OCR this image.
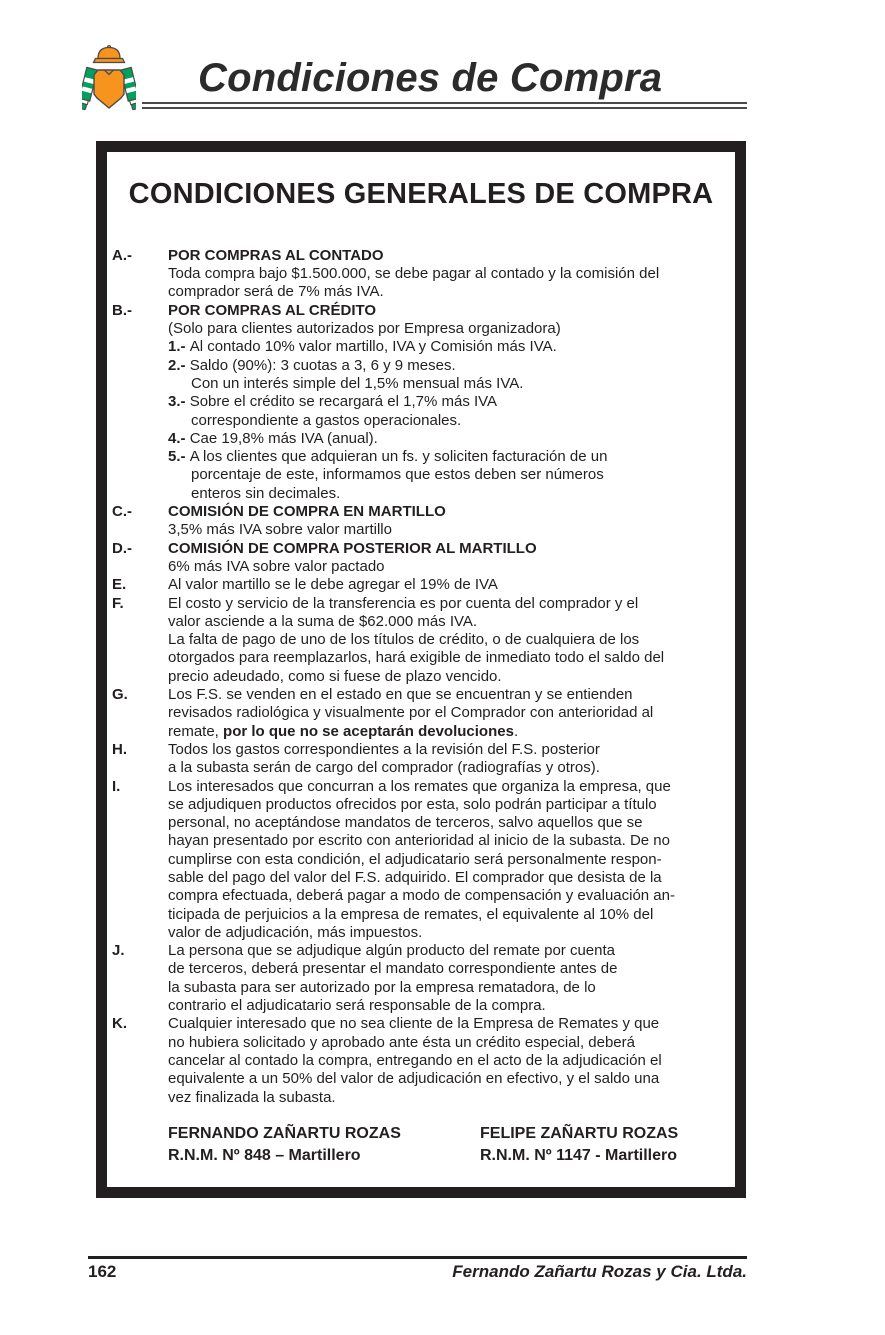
Condiciones de Compra
CONDICIONES GENERALES DE COMPRA
A.-	POR COMPRAS AL CONTADO
Toda compra bajo $1.500.000, se debe pagar al contado y la comisión del
comprador será de 7% más IVA.
B.-	POR COMPRAS AL CRÉDITO
(Solo para clientes autorizados por Empresa organizadora)
1.- Al contado 10% valor martillo, IVA y Comisión más IVA.
2.- Saldo (90%): 3 cuotas a 3, 6 y 9 meses.
Con un interés simple del 1,5% mensual más IVA.
3.- Sobre el crédito se recargará el 1,7% más IVA
correspondiente a gastos operacionales.
4.- Cae 19,8% más IVA (anual).
5.- A los clientes que adquieran un fs. y soliciten facturación de un
porcentaje de este, informamos que estos deben ser números
enteros sin decimales.
C.-	COMISIÓN DE COMPRA EN MARTILLO
3,5% más IVA sobre valor martillo
D.-	COMISIÓN DE COMPRA POSTERIOR AL MARTILLO
6% más IVA sobre valor pactado
E.	Al valor martillo se le debe agregar el 19% de IVA
F.	El costo y servicio de la transferencia es por cuenta del comprador y el
valor asciende a la suma de $62.000 más IVA.
La falta de pago de uno de los títulos de crédito, o de cualquiera de los
otorgados para reemplazarlos, hará exigible de inmediato todo el saldo del
precio adeudado, como si fuese de plazo vencido.
G.	Los F.S. se venden en el estado en que se encuentran y se entienden
revisados radiológica y visualmente por el Comprador con anterioridad al
remate, por lo que no se aceptarán devoluciones.
H.	Todos los gastos correspondientes a la revisión del F.S. posterior
a la subasta serán de cargo del comprador (radiografías y otros).
I.	Los interesados que concurran a los remates que organiza la empresa, que
se adjudiquen productos ofrecidos por esta, solo podrán participar a título
personal, no aceptándose mandatos de terceros, salvo aquellos que se
hayan presentado por escrito con anterioridad al inicio de la subasta. De no
cumplirse con esta condición, el adjudicatario será personalmente respon-
sable del pago del valor del F.S. adquirido. El comprador que desista de la
compra efectuada, deberá pagar a modo de compensación y evaluación an-
ticipada de perjuicios a la empresa de remates, el equivalente al 10% del
valor de adjudicación, más impuestos.
J.	La persona que se adjudique algún producto del remate por cuenta
de terceros, deberá presentar el mandato correspondiente antes de
la subasta para ser autorizado por la empresa rematadora, de lo
contrario el adjudicatario será responsable de la compra.
K.	Cualquier interesado que no sea cliente de la Empresa de Remates y que
no hubiera solicitado y aprobado ante ésta un crédito especial, deberá
cancelar al contado la compra, entregando en el acto de la adjudicación el
equivalente a un 50% del valor de adjudicación en efectivo, y el saldo una
vez finalizada la subasta.
FERNANDO ZAÑARTU ROZAS
R.N.M. Nº 848 – Martillero
FELIPE ZAÑARTU ROZAS
R.N.M. Nº 1147 - Martillero
162	Fernando Zañartu Rozas y Cia. Ltda.
